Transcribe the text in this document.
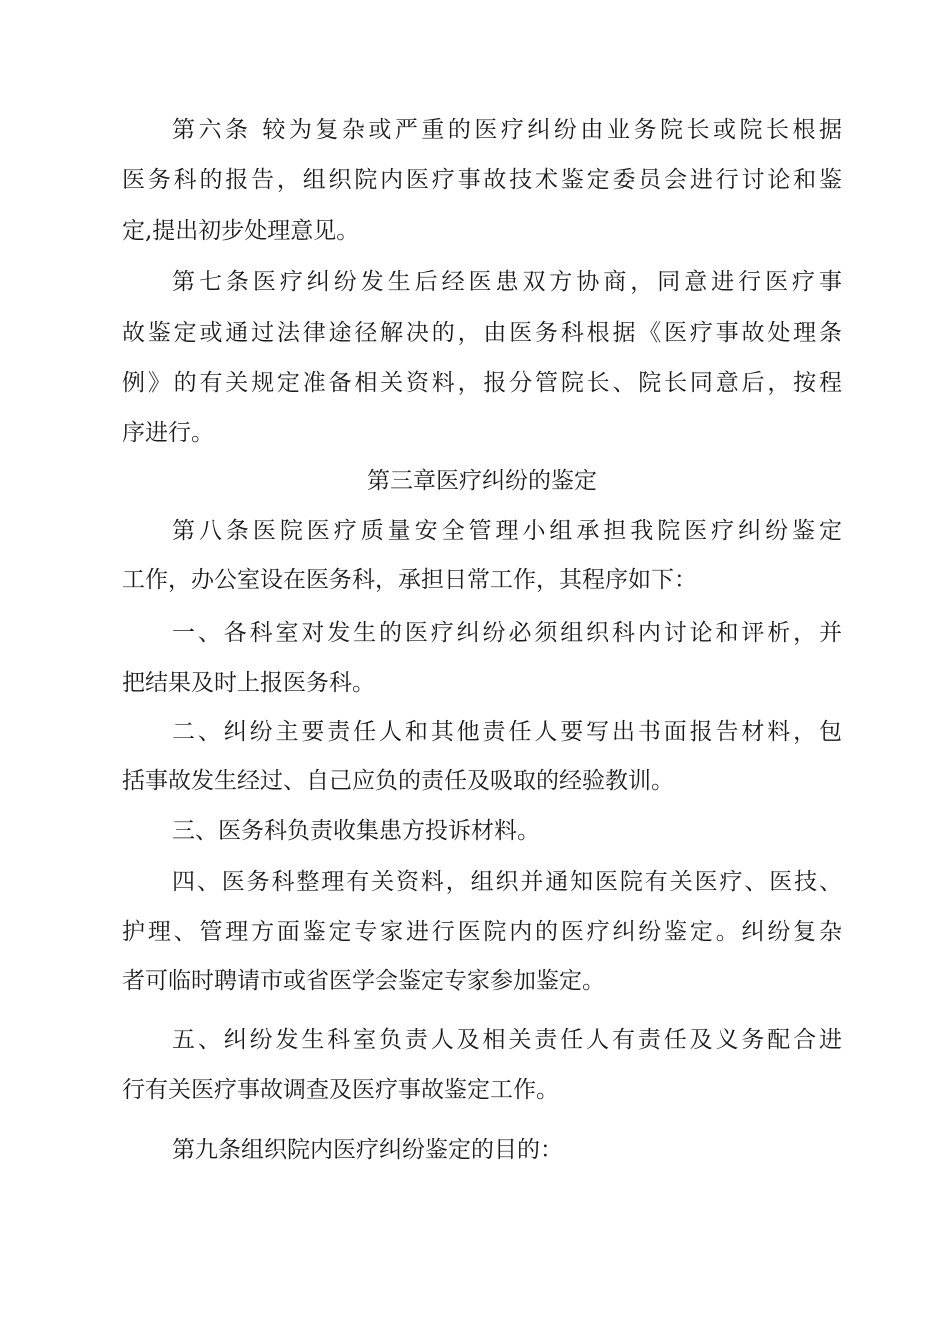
第六条 较为复杂或严重的医疗纠纷由业务院长或院长根据
医务科的报告，组织院内医疗事故技术鉴定委员会进行讨论和鉴
定,提出初步处理意见。
第七条医疗纠纷发生后经医患双方协商，同意进行医疗事
故鉴定或通过法律途径解决的，由医务科根据《医疗事故处理条
例》的有关规定准备相关资料，报分管院长、院长同意后，按程
序进行。
第三章医疗纠纷的鉴定
第八条医院医疗质量安全管理小组承担我院医疗纠纷鉴定
工作，办公室设在医务科，承担日常工作，其程序如下：
一、各科室对发生的医疗纠纷必须组织科内讨论和评析，并
把结果及时上报医务科。
二、纠纷主要责任人和其他责任人要写出书面报告材料，包
括事故发生经过、自己应负的责任及吸取的经验教训。
三、医务科负责收集患方投诉材料。
四、医务科整理有关资料，组织并通知医院有关医疗、医技、
护理、管理方面鉴定专家进行医院内的医疗纠纷鉴定。纠纷复杂
者可临时聘请市或省医学会鉴定专家参加鉴定。
五、纠纷发生科室负责人及相关责任人有责任及义务配合进
行有关医疗事故调查及医疗事故鉴定工作。
第九条组织院内医疗纠纷鉴定的目的：
